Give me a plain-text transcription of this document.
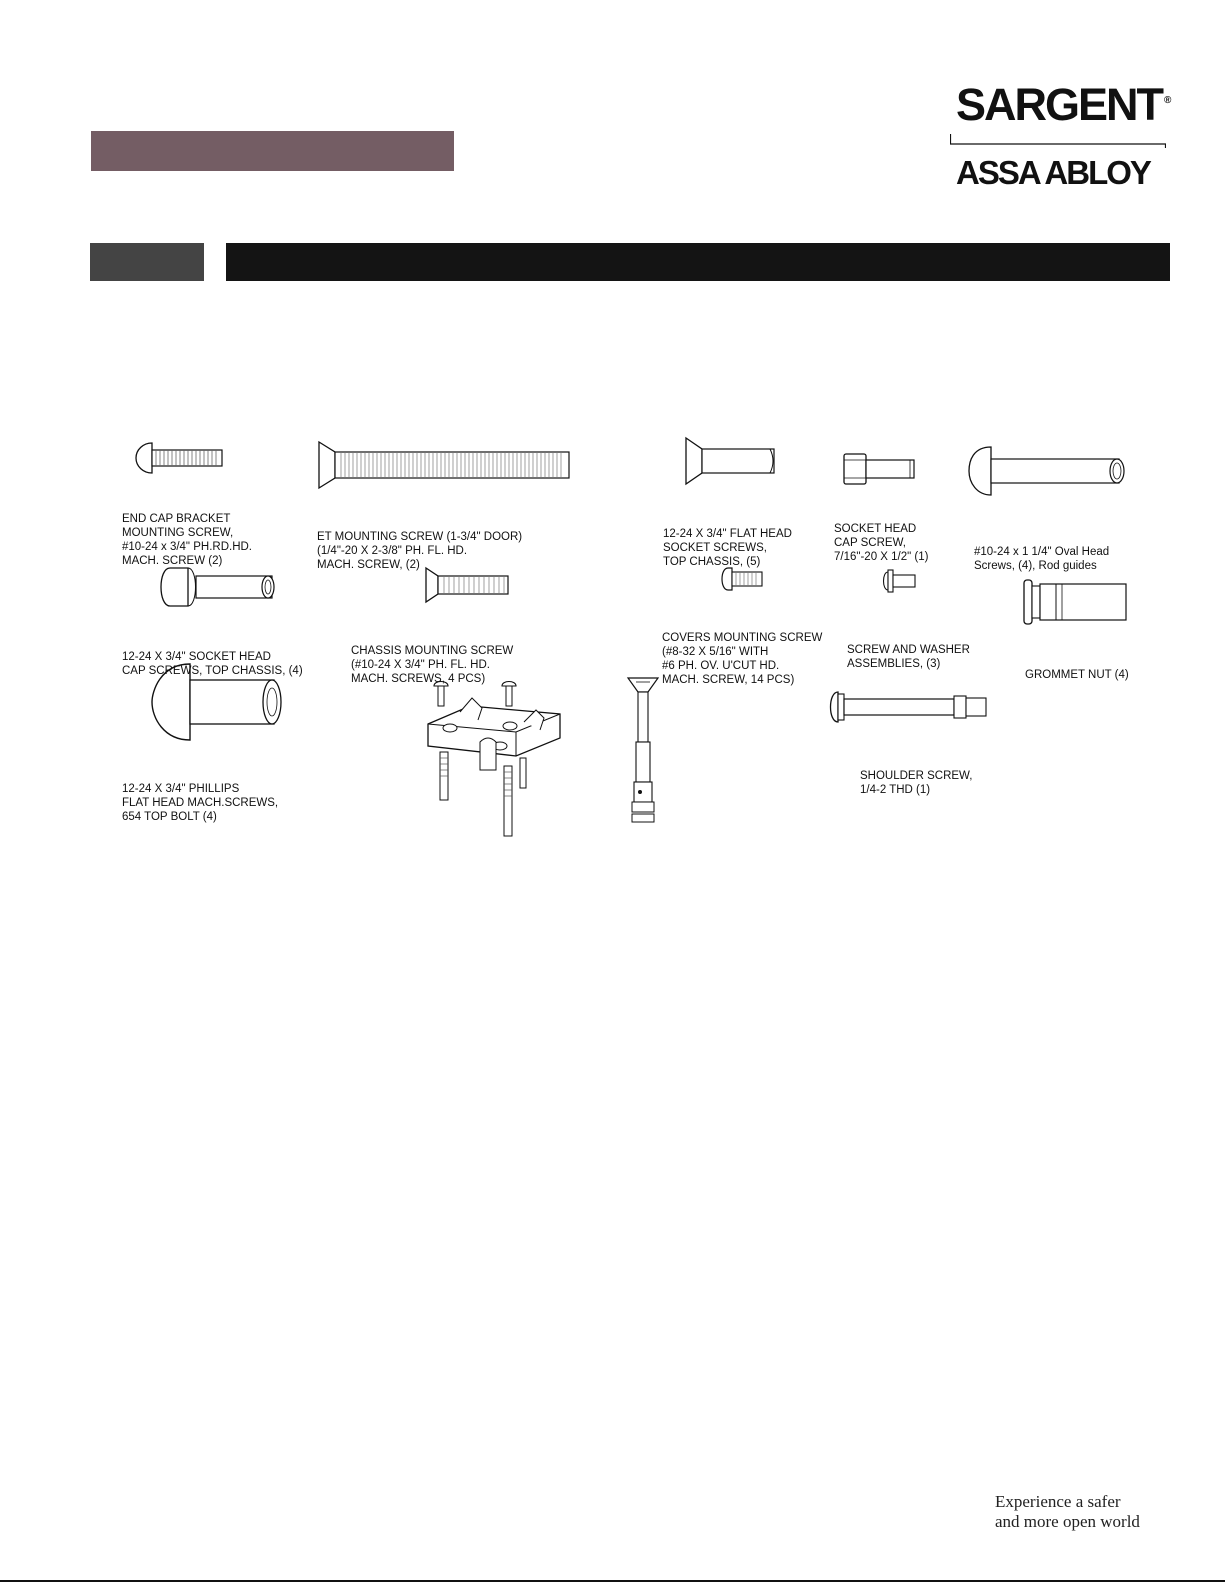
SARGENT ®
ASSA ABLOY

END CAP BRACKET
MOUNTING SCREW,
#10-24 x 3/4" PH.RD.HD.
MACH. SCREW (2)

ET MOUNTING SCREW (1-3/4" DOOR)
(1/4"-20 X 2-3/8" PH. FL. HD.
MACH. SCREW, (2)

12-24 X 3/4" FLAT HEAD
SOCKET SCREWS,
TOP CHASSIS, (5)

SOCKET HEAD
CAP SCREW,
7/16"-20 X 1/2" (1)

	#10-24 x 1 1/4" Oval Head
Screws, (4), Rod guides

12-24 X 3/4" SOCKET HEAD
CAP SCREWS, TOP CHASSIS, (4)

CHASSIS MOUNTING SCREW
(#10-24 X 3/4" PH. FL. HD.
MACH. SCREWS, 4 PCS)

COVERS MOUNTING SCREW
(#8-32 X 5/16" WITH
#6 PH. OV. U'CUT HD.
MACH. SCREW, 14 PCS)

SCREW AND WASHER
ASSEMBLIES, (3)

GROMMET NUT (4)

12-24 X 3/4" PHILLIPS
FLAT HEAD MACH.SCREWS,
654 TOP BOLT (4)

SHOULDER SCREW,
1/4-2 THD (1)

Experience a safer
and more open world
